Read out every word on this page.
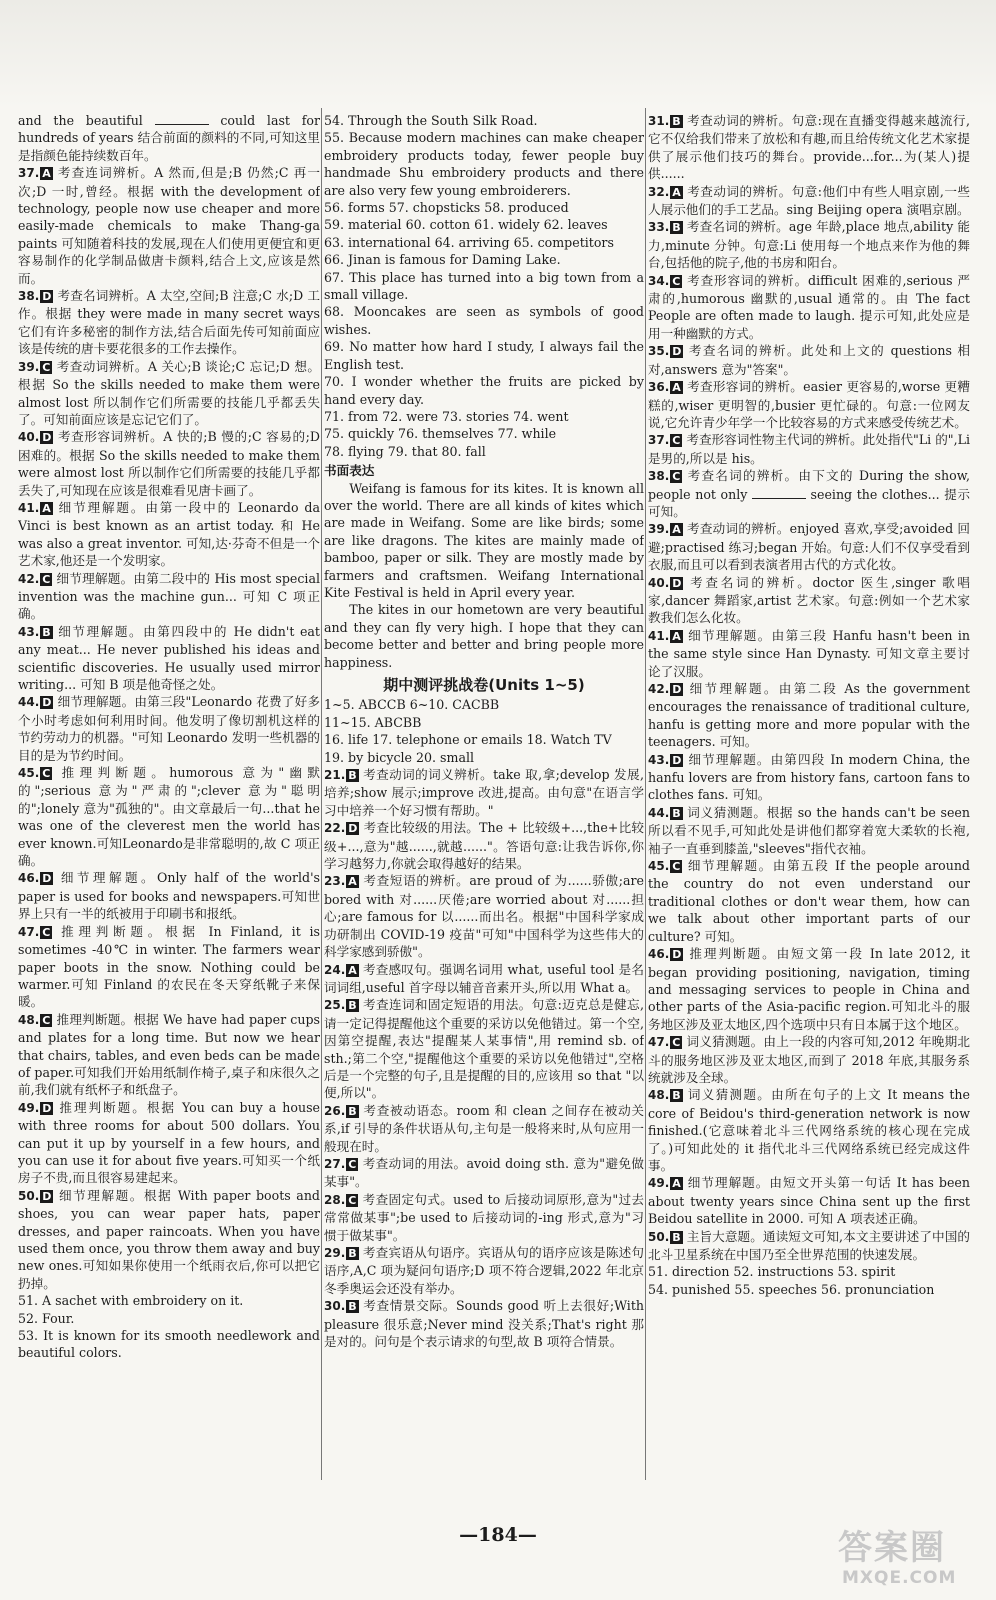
and the beautiful	could last for hundreds of years 结合前面的颜料的不同,可知这里是指颜色能持续数百年。
37. A 考查连词辨析。A 然而,但是;B 仍然;C 再一次;D 一时,曾经。根据 with the development of technology, people now use cheaper and more easily-made chemicals to make Thang-ga paints 可知随着科技的发展,现在人们使用更便宜和更容易制作的化学制品做唐卡颜料,结合上文,应该是然而。
38. D 考查名词辨析。A 太空,空间;B 注意;C 水;D 工作。根据 they were made in many secret ways 它们有许多秘密的制作方法,结合后面先传可知前面应该是传统的唐卡要花很多的工作去操作。
39. C 考查动词辨析。A 关心;B 谈论;C 忘记;D 想。根据 So the skills needed to make them were almost lost 所以制作它们所需要的技能几乎都丢失了。可知前面应该是忘记它们了。
40. D 考查形容词辨析。A 快的;B 慢的;C 容易的;D 困难的。根据 So the skills needed to make them were almost lost 所以制作它们所需要的技能几乎都丢失了,可知现在应该是很难看见唐卡画了。
41. A 细节理解题。由第一段中的 Leonardo da Vinci is best known as an artist today. 和 He was also a great inventor. 可知,达·芬奇不但是一个艺术家,他还是一个发明家。
42. C 细节理解题。由第二段中的 His most special invention was the machine gun... 可知 C 项正确。
43. B 细节理解题。由第四段中的 He didn't eat any meat... He never published his ideas and scientific discoveries. He usually used mirror writing... 可知 B 项是他奇怪之处。
44. D 细节理解题。由第三段"Leonardo 花费了好多个小时考虑如何利用时间。他发明了像切割机这样的节约劳动力的机器。"可知 Leonardo 发明一些机器的目的是为节约时间。
45. C 推理判断题。humorous 意为"幽默的";serious 意为"严肃的";clever 意为"聪明的";lonely 意为"孤独的"。由文章最后一句...that he was one of the cleverest men the world has ever known.可知Leonardo是非常聪明的,故 C 项正确。
46. D 细节理解题。Only half of the world's paper is used for books and newspapers.可知世界上只有一半的纸被用于印刷书和报纸。
47. C 推理判断题。根据 In Finland, it is sometimes -40℃ in winter. The farmers wear paper boots in the snow. Nothing could be warmer.可知 Finland 的农民在冬天穿纸靴子来保暖。
48. C 推理判断题。根据 We have had paper cups and plates for a long time. But now we hear that chairs, tables, and even beds can be made of paper.可知我们开始用纸制作椅子,桌子和床很久之前,我们就有纸杯子和纸盘子。
49. D 推理判断题。根据 You can buy a house with three rooms for about 500 dollars. You can put it up by yourself in a few hours, and you can use it for about five years.可知买一个纸房子不贵,而且很容易建起来。
50. D 细节理解题。根据 With paper boots and shoes, you can wear paper hats, paper dresses, and paper raincoats. When you have used them once, you throw them away and buy new ones.可知如果你使用一个纸雨衣后,你可以把它扔掉。
51. A sachet with embroidery on it.
52. Four.
53. It is known for its smooth needlework and beautiful colors.
54. Through the South Silk Road.
55. Because modern machines can make cheaper embroidery products today, fewer people buy handmade Shu embroidery products and there are also very few young embroiderers.
56. forms 57. chopsticks 58. produced
59. material 60. cotton 61. widely 62. leaves
63. international 64. arriving 65. competitors
66. Jinan is famous for Daming Lake.
67. This place has turned into a big town from a small village.
68. Mooncakes are seen as symbols of good wishes.
69. No matter how hard I study, I always fail the English test.
70. I wonder whether the fruits are picked by hand every day.
71. from 72. were 73. stories 74. went
75. quickly 76. themselves 77. while
78. flying 79. that 80. fall
书面表达
Weifang is famous for its kites. It is known all over the world. There are all kinds of kites which are made in Weifang. Some are like birds; some are like dragons. The kites are mainly made of bamboo, paper or silk. They are mostly made by farmers and craftsmen. Weifang International Kite Festival is held in April every year.
The kites in our hometown are very beautiful and they can fly very high. I hope that they can become better and better and bring people more happiness.
期中测评挑战卷(Units 1~5)
1~5. ABCCB 6~10. CACBB
11~15. ABCBB
16. life 17. telephone or emails 18. Watch TV
19. by bicycle 20. small
21. B 考查动词的词义辨析。take 取,拿;develop 发展,培养;show 展示;improve 改进,提高。由句意"在语言学习中培养一个好习惯有帮助。"
22. D 考查比较级的用法。The + 比较级+...,the+比较级+...,意为"越......,就越......"。答语句意:让我告诉你,你学习越努力,你就会取得越好的结果。
23. A 考查短语的辨析。are proud of 为......骄傲;are bored with 对......厌倦;are worried about 对......担心;are famous for 以......而出名。根据"中国科学家成功研制出 COVID-19 疫苗"可知"中国科学为这些伟大的科学家感到骄傲"。
24. A 考查感叹句。强调名词用 what, useful tool 是名词词组,useful 首字母以辅音音素开头,所以用 What a。
25. B 考查连词和固定短语的用法。句意:迈克总是健忘,请一定记得提醒他这个重要的采访以免他错过。第一个空,因第空提醒,表达"提醒某人某事情",用 remind sb. of sth.;第二个空,"提醒他这个重要的采访以免他错过",空格后是一个完整的句子,且是提醒的目的,应该用 so that "以便,所以"。
26. B 考查被动语态。room 和 clean 之间存在被动关系,if 引导的条件状语从句,主句是一般将来时,从句应用一般现在时。
27. C 考查动词的用法。avoid doing sth. 意为"避免做某事"。
28. C 考查固定句式。used to 后接动词原形,意为"过去常常做某事";be used to 后接动词的-ing 形式,意为"习惯于做某事"。
29. B 考查宾语从句语序。宾语从句的语序应该是陈述句语序,A,C 项为疑问句语序;D 项不符合逻辑,2022 年北京冬季奥运会还没有举办。
30. B 考查情景交际。Sounds good 听上去很好;With pleasure 很乐意;Never mind 没关系;That's right 那是对的。问句是个表示请求的句型,故 B 项符合情景。
31. B 考查动词的辨析。句意:现在直播变得越来越流行,它不仅给我们带来了放松和有趣,而且给传统文化艺术家提供了展示他们技巧的舞台。provide...for...为(某人)提供......
32. A 考查动词的辨析。句意:他们中有些人唱京剧,一些人展示他们的手工艺品。sing Beijing opera 演唱京剧。
33. B 考查名词的辨析。age 年龄,place 地点,ability 能力,minute 分钟。句意:Li 使用每一个地点来作为他的舞台,包括他的院子,他的书房和阳台。
34. C 考查形容词的辨析。difficult 困难的,serious 严肃的,humorous 幽默的,usual 通常的。由 The fact People are often made to laugh. 提示可知,此处应是用一种幽默的方式。
35. D 考查名词的辨析。此处和上文的 questions 相对,answers 意为"答案"。
36. A 考查形容词的辨析。easier 更容易的,worse 更糟糕的,wiser 更明智的,busier 更忙碌的。句意:一位网友说,它允许青少年学一个比较容易的方式来感受传统艺术。
37. C 考查形容词性物主代词的辨析。此处指代"Li 的",Li 是男的,所以是 his。
38. C 考查名词的辨析。由下文的 During the show, people not only	seeing the clothes... 提示可知。
39. A 考查动词的辨析。enjoyed 喜欢,享受;avoided 回避;practised 练习;began 开始。句意:人们不仅享受看到衣服,而且可以看到表演者用古代的方式化妆。
40. D 考查名词的辨析。doctor 医生,singer 歌唱家,dancer 舞蹈家,artist 艺术家。句意:例如一个艺术家教我们怎么化妆。
41. A 细节理解题。由第三段 Hanfu hasn't been in the same style since Han Dynasty. 可知文章主要讨论了汉服。
42. D 细节理解题。由第二段 As the government encourages the renaissance of traditional culture, hanfu is getting more and more popular with the teenagers. 可知。
43. D 细节理解题。由第四段 In modern China, the hanfu lovers are from history fans, cartoon fans to clothes fans. 可知。
44. B 词义猜测题。根据 so the hands can't be seen 所以看不见手,可知此处是讲他们都穿着宽大柔软的长袍,袖子一直垂到膝盖,"sleeves"指代衣袖。
45. C 细节理解题。由第五段 If the people around the country do not even understand our traditional clothes or don't wear them, how can we talk about other important parts of our culture? 可知。
46. D 推理判断题。由短文第一段 In late 2012, it began providing positioning, navigation, timing and messaging services to people in China and other parts of the Asia-pacific region.可知北斗的服务地区涉及亚太地区,四个选项中只有日本属于这个地区。
47. C 词义猜测题。由上一段的内容可知,2012 年晚期北斗的服务地区涉及亚太地区,而到了 2018 年底,其服务系统就涉及全球。
48. B 词义猜测题。由所在句子的上文 It means the core of Beidou's third-generation network is now finished.(它意味着北斗三代网络系统的核心现在完成了。)可知此处的 it 指代北斗三代网络系统已经完成这件事。
49. A 细节理解题。由短文开头第一句话 It has been about twenty years since China sent up the first Beidou satellite in 2000. 可知 A 项表述正确。
50. B 主旨大意题。通读短文可知,本文主要讲述了中国的北斗卫星系统在中国乃至全世界范围的快速发展。
51. direction 52. instructions 53. spirit
54. punished 55. speeches 56. pronunciation
—184—	答案圈
MXQE.COM
